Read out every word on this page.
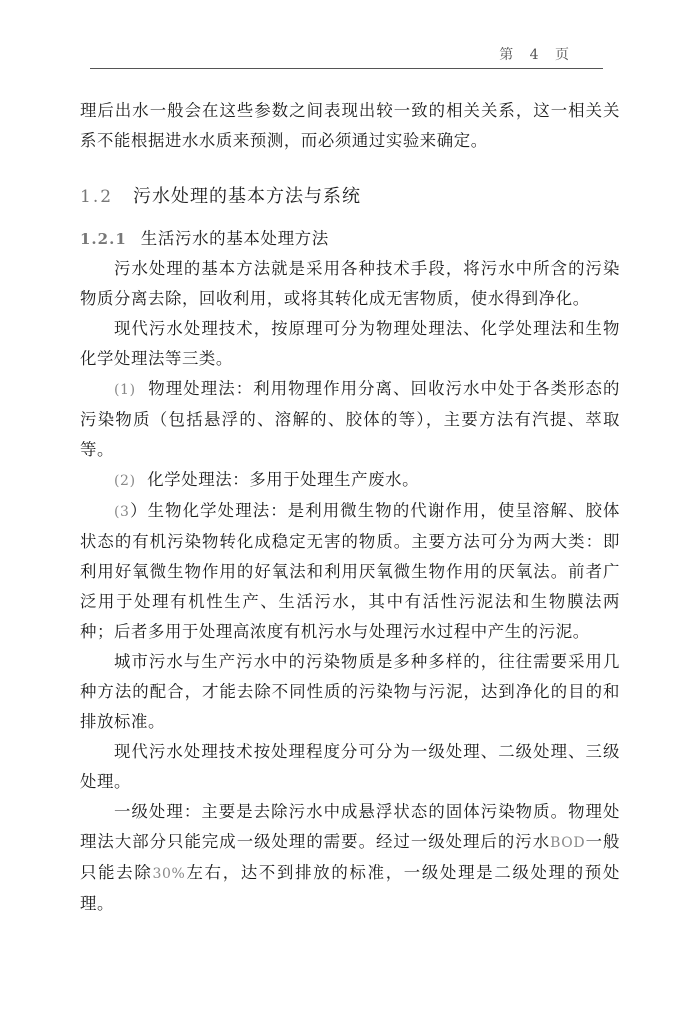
第 4 页

理后出水一般会在这些参数之间表现出较一致的相关关系，这一相关关系不能根据进水水质来预测，而必须通过实验来确定。

1.2 污水处理的基本方法与系统
1.2.1 生活污水的基本处理方法

污水处理的基本方法就是采用各种技术手段，将污水中所含的污染物质分离去除，回收利用，或将其转化成无害物质，使水得到净化。

现代污水处理技术，按原理可分为物理处理法、化学处理法和生物化学处理法等三类。

(1) 物理处理法：利用物理作用分离、回收污水中处于各类形态的污染物质（包括悬浮的、溶解的、胶体的等），主要方法有汽提、萃取等。

(2) 化学处理法：多用于处理生产废水。

(3）生物化学处理法：是利用微生物的代谢作用，使呈溶解、胶体状态的有机污染物转化成稳定无害的物质。主要方法可分为两大类：即利用好氧微生物作用的好氧法和利用厌氧微生物作用的厌氧法。前者广泛用于处理有机性生产、生活污水，其中有活性污泥法和生物膜法两种；后者多用于处理高浓度有机污水与处理污水过程中产生的污泥。

城市污水与生产污水中的污染物质是多种多样的，往往需要采用几种方法的配合，才能去除不同性质的污染物与污泥，达到净化的目的和排放标准。

现代污水处理技术按处理程度分可分为一级处理、二级处理、三级处理。

一级处理：主要是去除污水中成悬浮状态的固体污染物质。物理处理法大部分只能完成一级处理的需要。经过一级处理后的污水BOD一般只能去除30%左右，达不到排放的标准，一级处理是二级处理的预处理。
